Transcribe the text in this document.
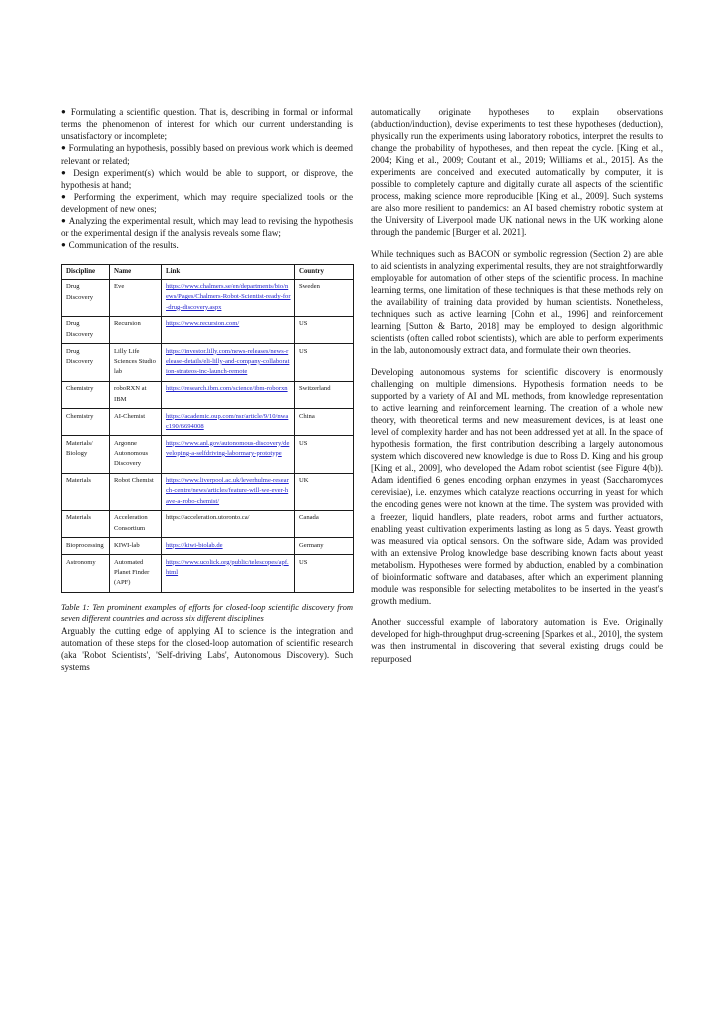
● Formulating a scientific question. That is, describing in formal or informal terms the phenomenon of interest for which our current understanding is unsatisfactory or incomplete;

● Formulating an hypothesis, possibly based on previous work which is deemed relevant or related;

● Design experiment(s) which would be able to support, or disprove, the hypothesis at hand;

● Performing the experiment, which may require specialized tools or the development of new ones;

● Analyzing the experimental result, which may lead to revising the hypothesis or the experimental design if the analysis reveals some flaw;

● Communication of the results.

Discipline	Name	Link	Country
Drug Discovery	Eve	https://www.chalmers.se/en/departments/bio/news/Pages/Chalmers-Robot-Scientist-ready-for-drug-discovery.aspx	Sweden
Drug Discovery	Recursion	https://www.recursion.com/	US
Drug Discovery	Lilly Life Sciences Studio lab	https://investor.lilly.com/news-releases/news-release-details/eli-lilly-and-company-collaboration-strateos-inc-launch-remote	US
Chemistry	roboRXN at IBM	https://research.ibm.com/science/ibm-roborxn	Switzerland
Chemistry	AI-Chemist	https://academic.oup.com/nsr/article/9/10/nwac190/6694008	China
Materials/ Biology	Argonne Autonomous Discovery	https://www.anl.gov/autonomous-discovery/developing-a-selfdriving-labormary-prototype	US
Materials	Robot Chemist	https://www.liverpool.ac.uk/leverhulme-research-centre/news/articles/feature-will-we-ever-have-a-robo-chemist/	UK
Materials	Acceleration Consortium	https://acceleration.utoronto.ca/	Canada
Bioprocessing	KIWI-lab	https://kiwi-biolab.de	Germany
Astronomy	Automated Planet Finder (APF)	https://www.ucolick.org/public/telescopes/apf.html	US
Table 1: Ten prominent examples of efforts for closed-loop scientific discovery from seven different countries and across six different disciplines

Arguably the cutting edge of applying AI to science is the integration and automation of these steps for the closed-loop automation of scientific research (aka 'Robot Scientists', 'Self-driving Labs', Autonomous Discovery). Such systems

automatically originate hypotheses to explain observations (abduction/induction), devise experiments to test these hypotheses (deduction), physically run the experiments using laboratory robotics, interpret the results to change the probability of hypotheses, and then repeat the cycle. [King et al., 2004; King et al., 2009; Coutant et al., 2019; Williams et al., 2015]. As the experiments are conceived and executed automatically by computer, it is possible to completely capture and digitally curate all aspects of the scientific process, making science more reproducible [King et al., 2009]. Such systems are also more resilient to pandemics: an AI based chemistry robotic system at the University of Liverpool made UK national news in the UK working alone through the pandemic [Burger et al. 2021].

While techniques such as BACON or symbolic regression (Section 2) are able to aid scientists in analyzing experimental results, they are not straightforwardly employable for automation of other steps of the scientific process. In machine learning terms, one limitation of these techniques is that these methods rely on the availability of training data provided by human scientists. Nonetheless, techniques such as active learning [Cohn et al., 1996] and reinforcement learning [Sutton & Barto, 2018] may be employed to design algorithmic scientists (often called robot scientists), which are able to perform experiments in the lab, autonomously extract data, and formulate their own theories.

Developing autonomous systems for scientific discovery is enormously challenging on multiple dimensions. Hypothesis formation needs to be supported by a variety of AI and ML methods, from knowledge representation to active learning and reinforcement learning. The creation of a whole new theory, with theoretical terms and new measurement devices, is at least one level of complexity harder and has not been addressed yet at all. In the space of hypothesis formation, the first contribution describing a largely autonomous system which discovered new knowledge is due to Ross D. King and his group [King et al., 2009], who developed the Adam robot scientist (see Figure 4(b)). Adam identified 6 genes encoding orphan enzymes in yeast (Saccharomyces cerevisiae), i.e. enzymes which catalyze reactions occurring in yeast for which the encoding genes were not known at the time. The system was provided with a freezer, liquid handlers, plate readers, robot arms and further actuators, enabling yeast cultivation experiments lasting as long as 5 days. Yeast growth was measured via optical sensors. On the software side, Adam was provided with an extensive Prolog knowledge base describing known facts about yeast metabolism. Hypotheses were formed by abduction, enabled by a combination of bioinformatic software and databases, after which an experiment planning module was responsible for selecting metabolites to be inserted in the yeast's growth medium.

Another successful example of laboratory automation is Eve. Originally developed for high-throughput drug-screening [Sparkes et al., 2010], the system was then instrumental in discovering that several existing drugs could be repurposed
